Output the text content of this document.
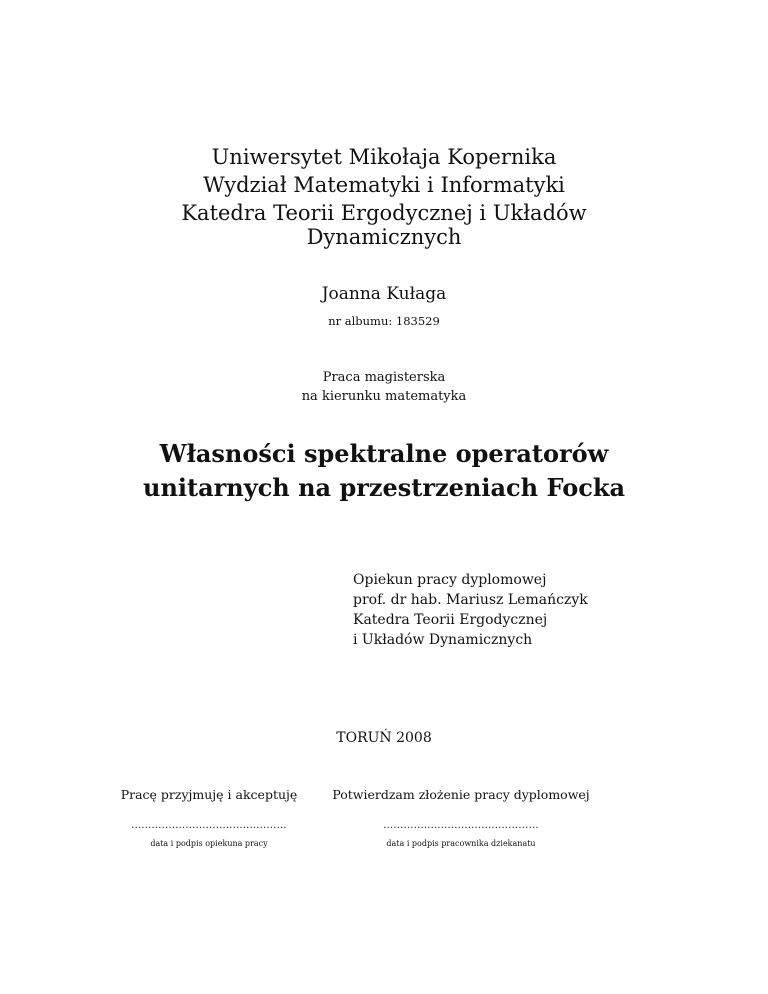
Uniwersytet Mikołaja Kopernika
Wydział Matematyki i Informatyki
Katedra Teorii Ergodycznej i Układów
Dynamicznych
Joanna Kułaga
nr albumu: 183529
Praca magisterska
na kierunku matematyka
Własności spektralne operatorów
unitarnych na przestrzeniach Focka
Opiekun pracy dyplomowej
prof. dr hab. Mariusz Lemańczyk
Katedra Teorii Ergodycznej
i Układów Dynamicznych
TORUŃ 2008
Pracę przyjmuję i akceptuję
..............................................
data i podpis opiekuna pracy
Potwierdzam złożenie pracy dyplomowej
..............................................
data i podpis pracownika dziekanatu
